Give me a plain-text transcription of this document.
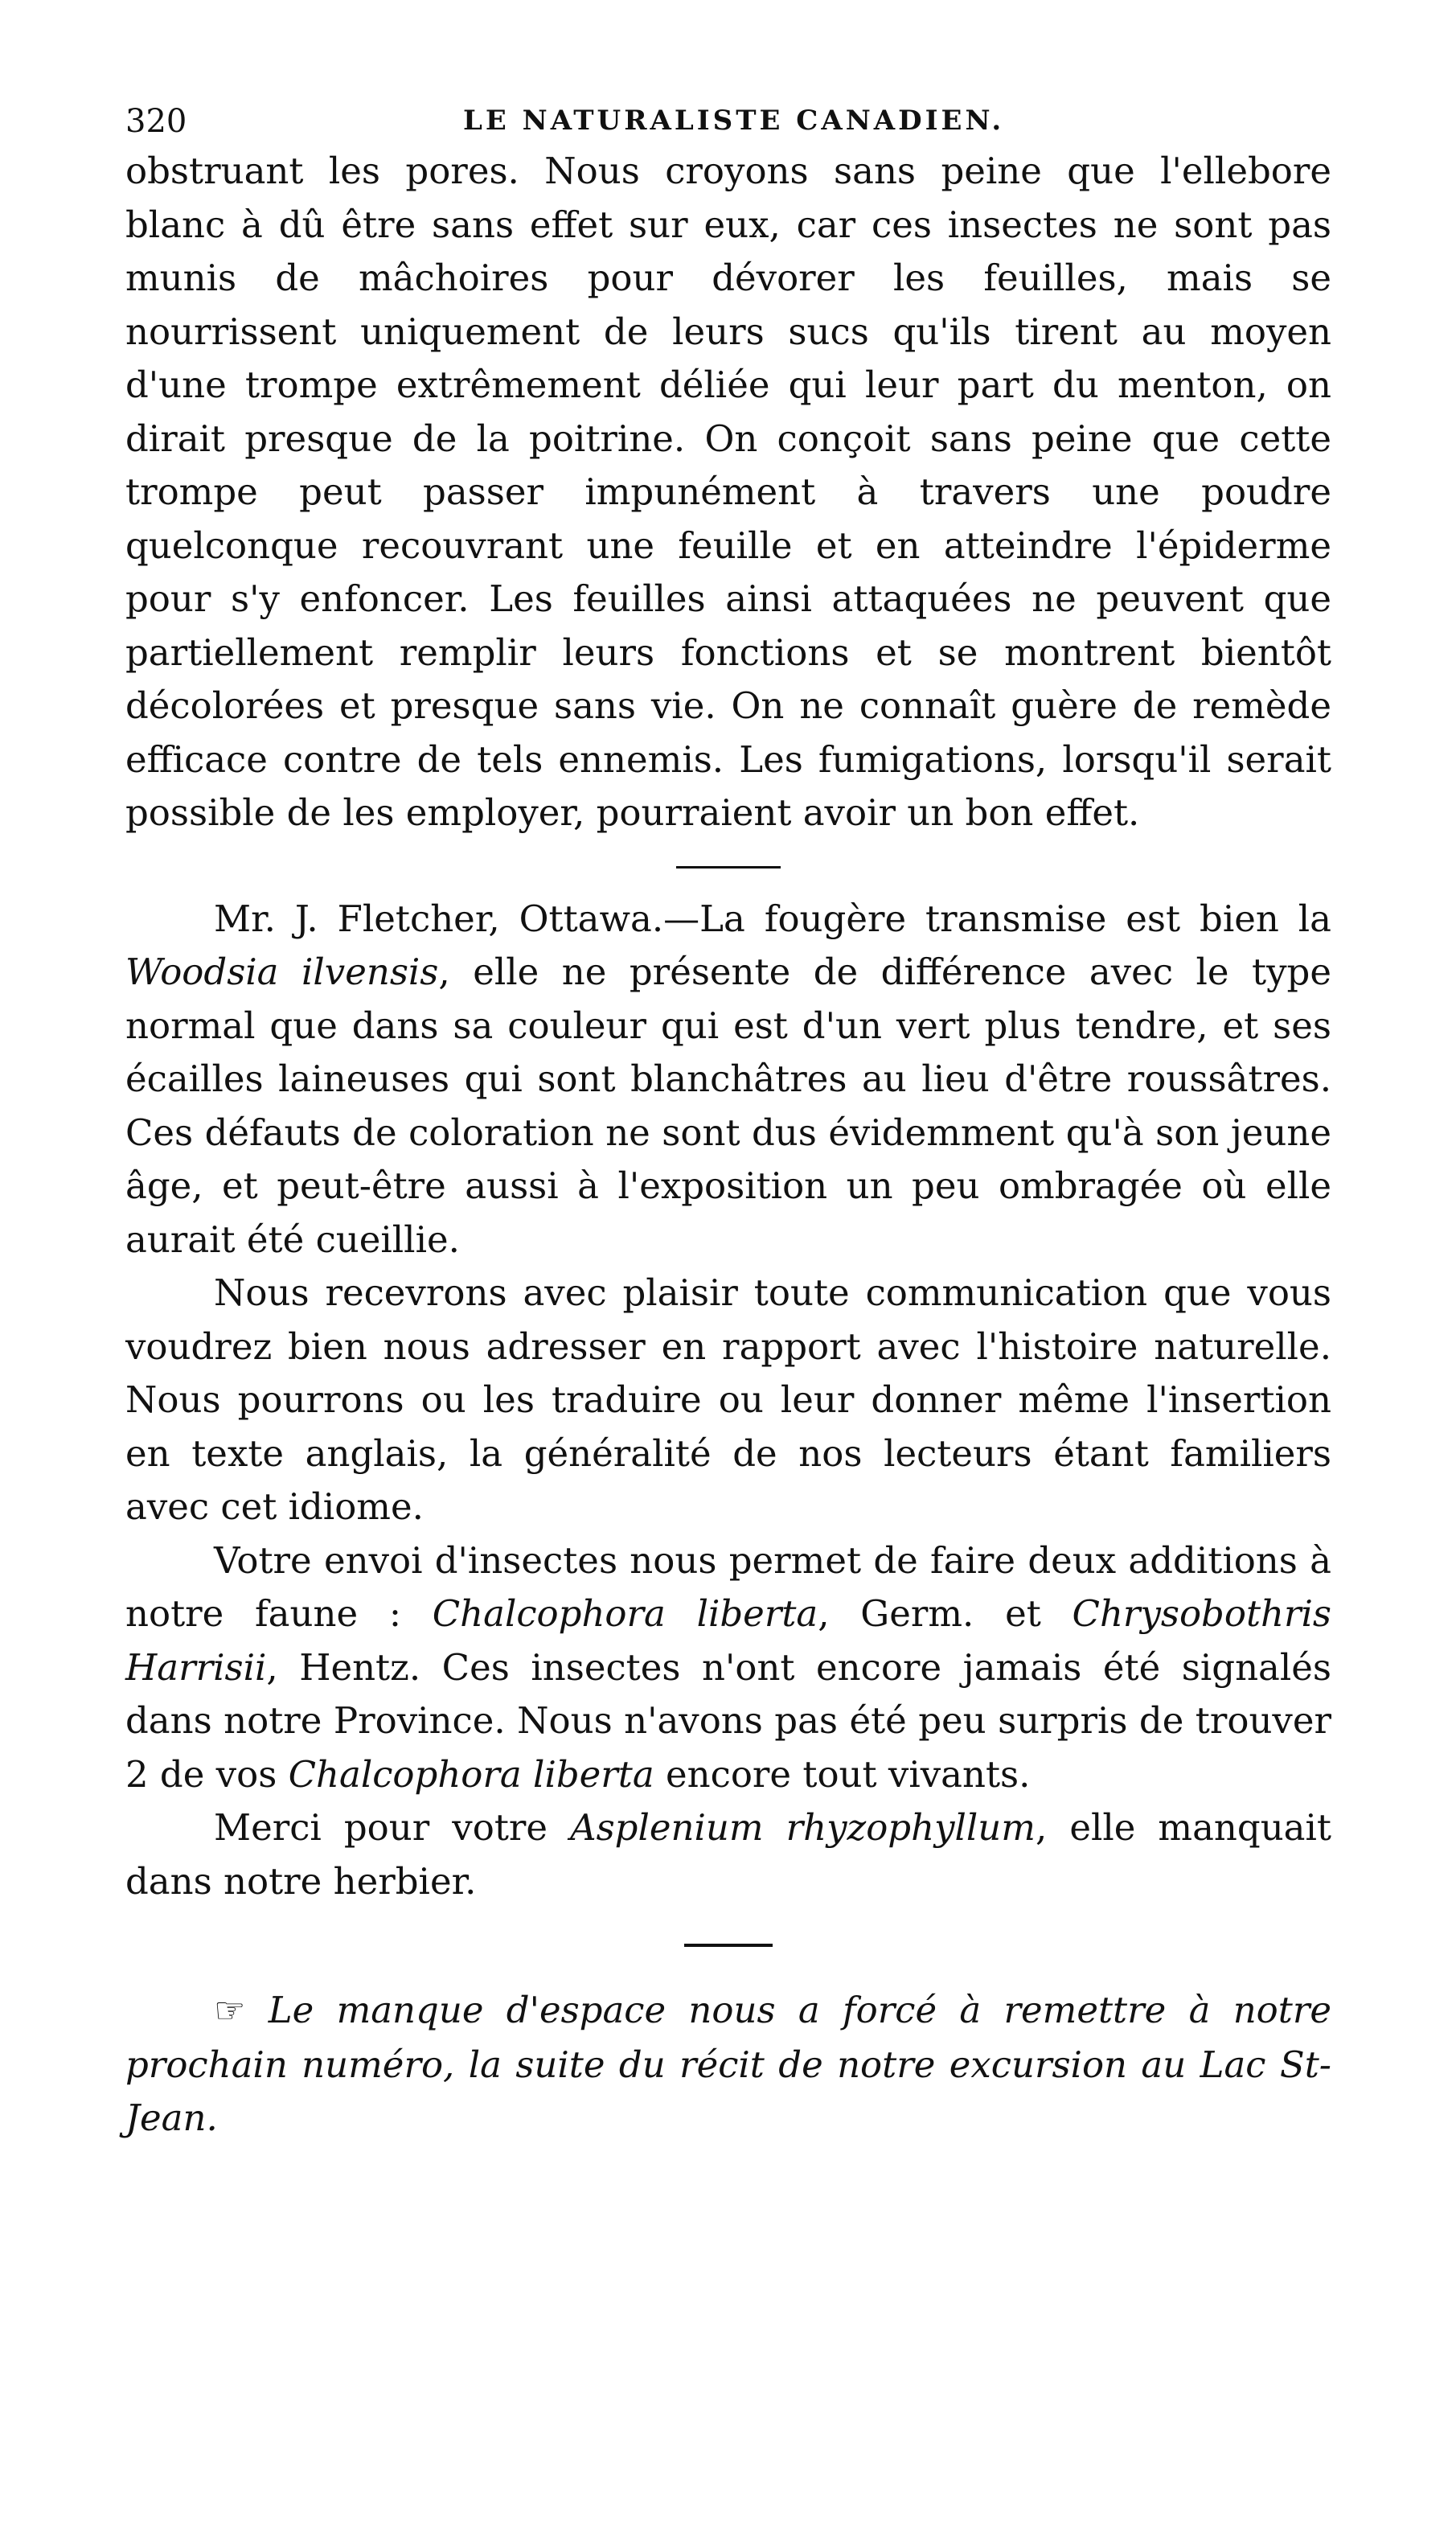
320	LE NATURALISTE CANADIEN.

obstruant les pores. Nous croyons sans peine que l'ellebore blanc à dû être sans effet sur eux, car ces insectes ne sont pas munis de mâchoires pour dévorer les feuilles, mais se nourrissent uniquement de leurs sucs qu'ils tirent au moyen d'une trompe extrêmement déliée qui leur part du menton, on dirait presque de la poitrine. On conçoit sans peine que cette trompe peut passer impunément à travers une poudre quelconque recouvrant une feuille et en atteindre l'épiderme pour s'y enfoncer. Les feuilles ainsi attaquées ne peuvent que partiellement remplir leurs fonctions et se montrent bientôt décolorées et presque sans vie. On ne connaît guère de remède efficace contre de tels ennemis. Les fumigations, lorsqu'il serait possible de les employer, pourraient avoir un bon effet.

Mr. J. Fletcher, Ottawa.—La fougère transmise est bien la Woodsia ilvensis, elle ne présente de différence avec le type normal que dans sa couleur qui est d'un vert plus tendre, et ses écailles laineuses qui sont blanchâtres au lieu d'être roussâtres. Ces défauts de coloration ne sont dus évidemment qu'à son jeune âge, et peut-être aussi à l'exposition un peu ombragée où elle aurait été cueillie.

Nous recevrons avec plaisir toute communication que vous voudrez bien nous adresser en rapport avec l'histoire naturelle. Nous pourrons ou les traduire ou leur donner même l'insertion en texte anglais, la généralité de nos lecteurs étant familiers avec cet idiome.

Votre envoi d'insectes nous permet de faire deux additions à notre faune : Chalcophora liberta, Germ. et Chrysobothris Harrisii, Hentz. Ces insectes n'ont encore jamais été signalés dans notre Province. Nous n'avons pas été peu surpris de trouver 2 de vos Chalcophora liberta encore tout vivants.

Merci pour votre Asplenium rhyzophyllum, elle manquait dans notre herbier.

☞ Le manque d'espace nous a forcé à remettre à notre prochain numéro, la suite du récit de notre excursion au Lac St-Jean.
